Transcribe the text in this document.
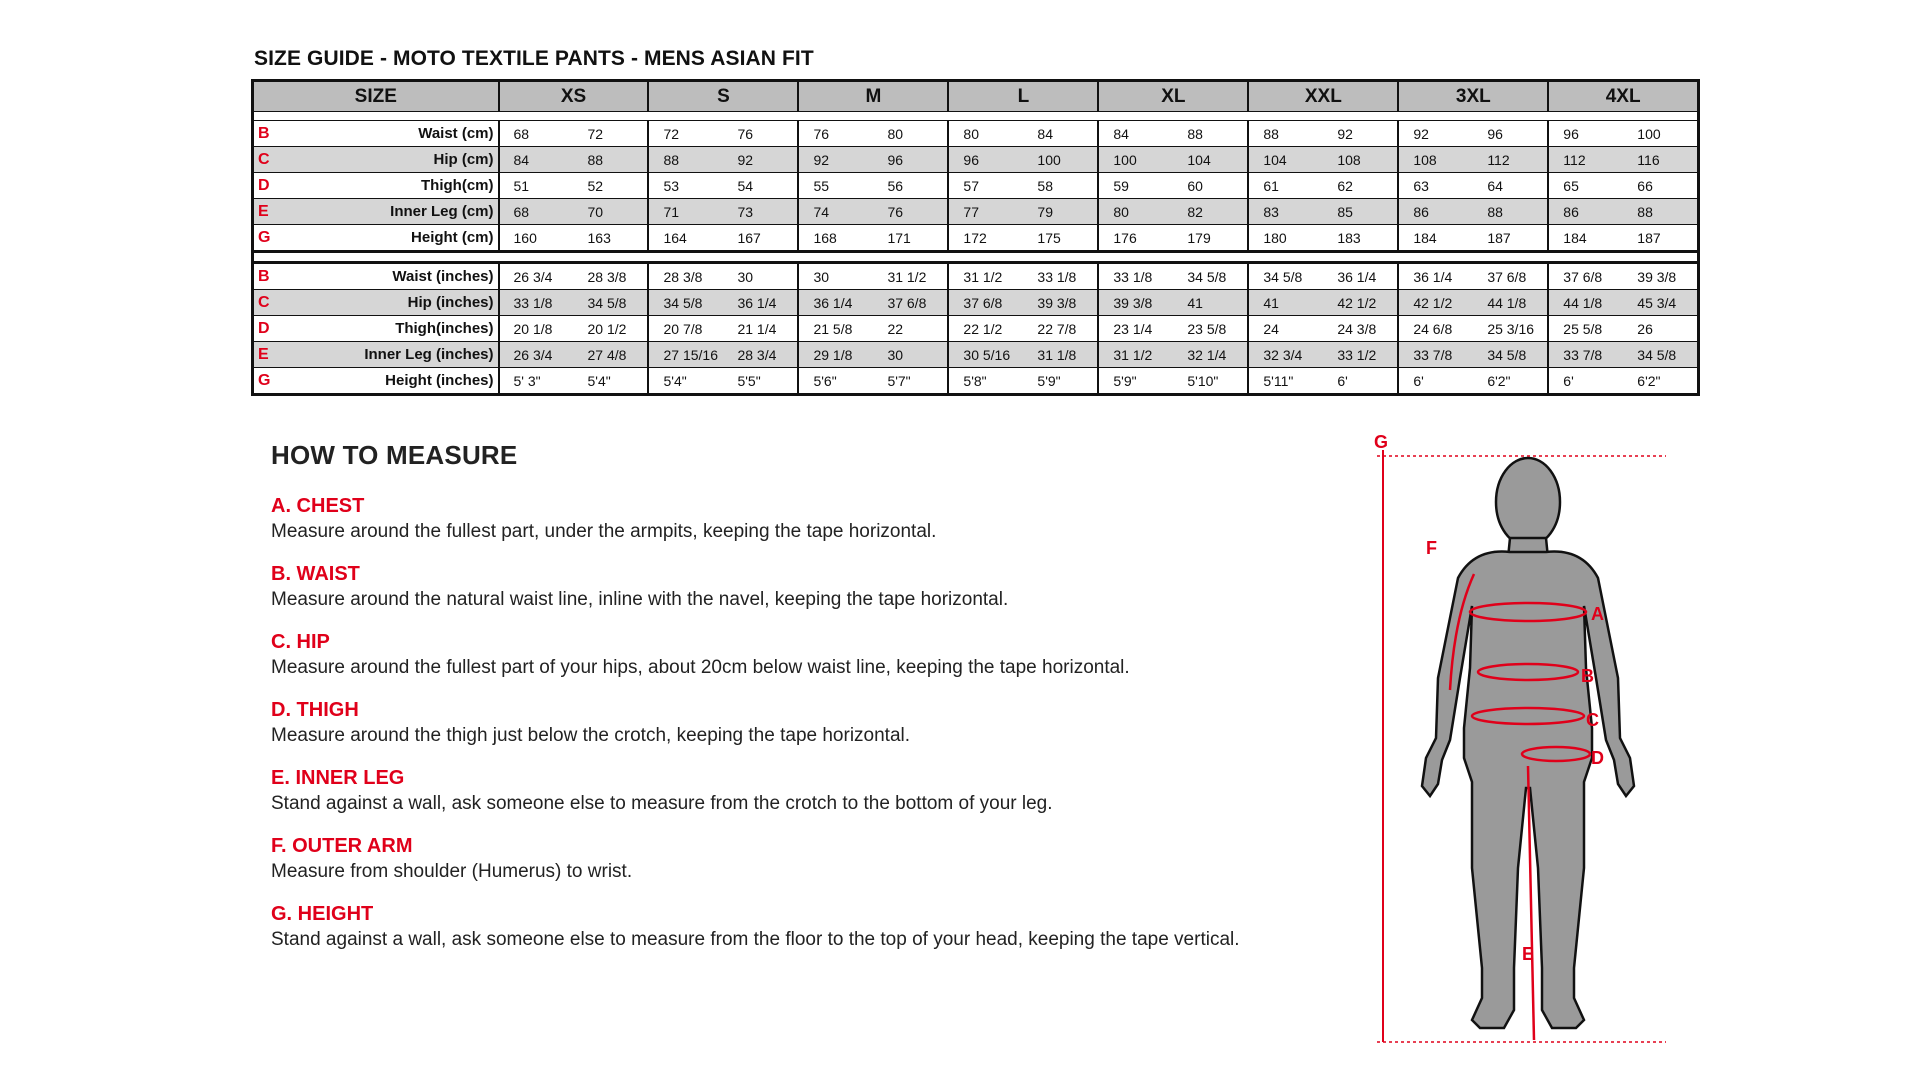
SIZE GUIDE - MOTO TEXTILE PANTS - MENS ASIAN FIT
SIZE		XS		S		M		L		XL		XXL		3XL		4XL	

B	Waist (cm)	68	72	72	76	76	80	80	84	84	88	88	92	92	96	96	100
C	Hip (cm)	84	88	88	92	92	96	96	100	100	104	104	108	108	112	112	116
D	Thigh(cm)	51	52	53	54	55	56	57	58	59	60	61	62	63	64	65	66
E	Inner Leg (cm)	68	70	71	73	74	76	77	79	80	82	83	85	86	88	86	88
G	Height (cm)	160	163	164	167	168	171	172	175	176	179	180	183	184	187	184	187

B	Waist (inches)	26 3/4	28 3/8	28 3/8	30	30	31 1/2	31 1/2	33 1/8	33 1/8	34 5/8	34 5/8	36 1/4	36 1/4	37 6/8	37 6/8	39 3/8
C	Hip (inches)	33 1/8	34 5/8	34 5/8	36 1/4	36 1/4	37 6/8	37 6/8	39 3/8	39 3/8	41	41	42 1/2	42 1/2	44 1/8	44 1/8	45 3/4
D	Thigh(inches)	20 1/8	20 1/2	20 7/8	21 1/4	21 5/8	22	22 1/2	22 7/8	23 1/4	23 5/8	24	24 3/8	24 6/8	25 3/16	25 5/8	26
E	Inner Leg (inches)	26 3/4	27 4/8	27 15/16	28 3/4	29 1/8	30	30 5/16	31 1/8	31 1/2	32 1/4	32 3/4	33 1/2	33 7/8	34 5/8	33 7/8	34 5/8
G	Height (inches)	5' 3"	5'4"	5'4"	5'5"	5'6"	5'7"	5'8"	5'9"	5'9"	5'10"	5'11"	6'	6'	6'2"	6'	6'2"
HOW TO MEASURE
A. CHEST
Measure around the fullest part, under the armpits, keeping the tape horizontal.
B. WAIST
Measure around the natural waist line, inline with the navel, keeping the tape horizontal.
C. HIP
Measure around the fullest part of your hips, about 20cm below waist line, keeping the tape horizontal.
D. THIGH
Measure around the thigh just below the crotch, keeping the tape horizontal.
E. INNER LEG
Stand against a wall, ask someone else to measure from the crotch to the bottom of your leg.
F. OUTER ARM
Measure from shoulder (Humerus) to wrist.
G. HEIGHT
Stand against a wall, ask someone else to measure from the floor to the top of your head, keeping the tape vertical.
G
F
A
B
C
D
E
